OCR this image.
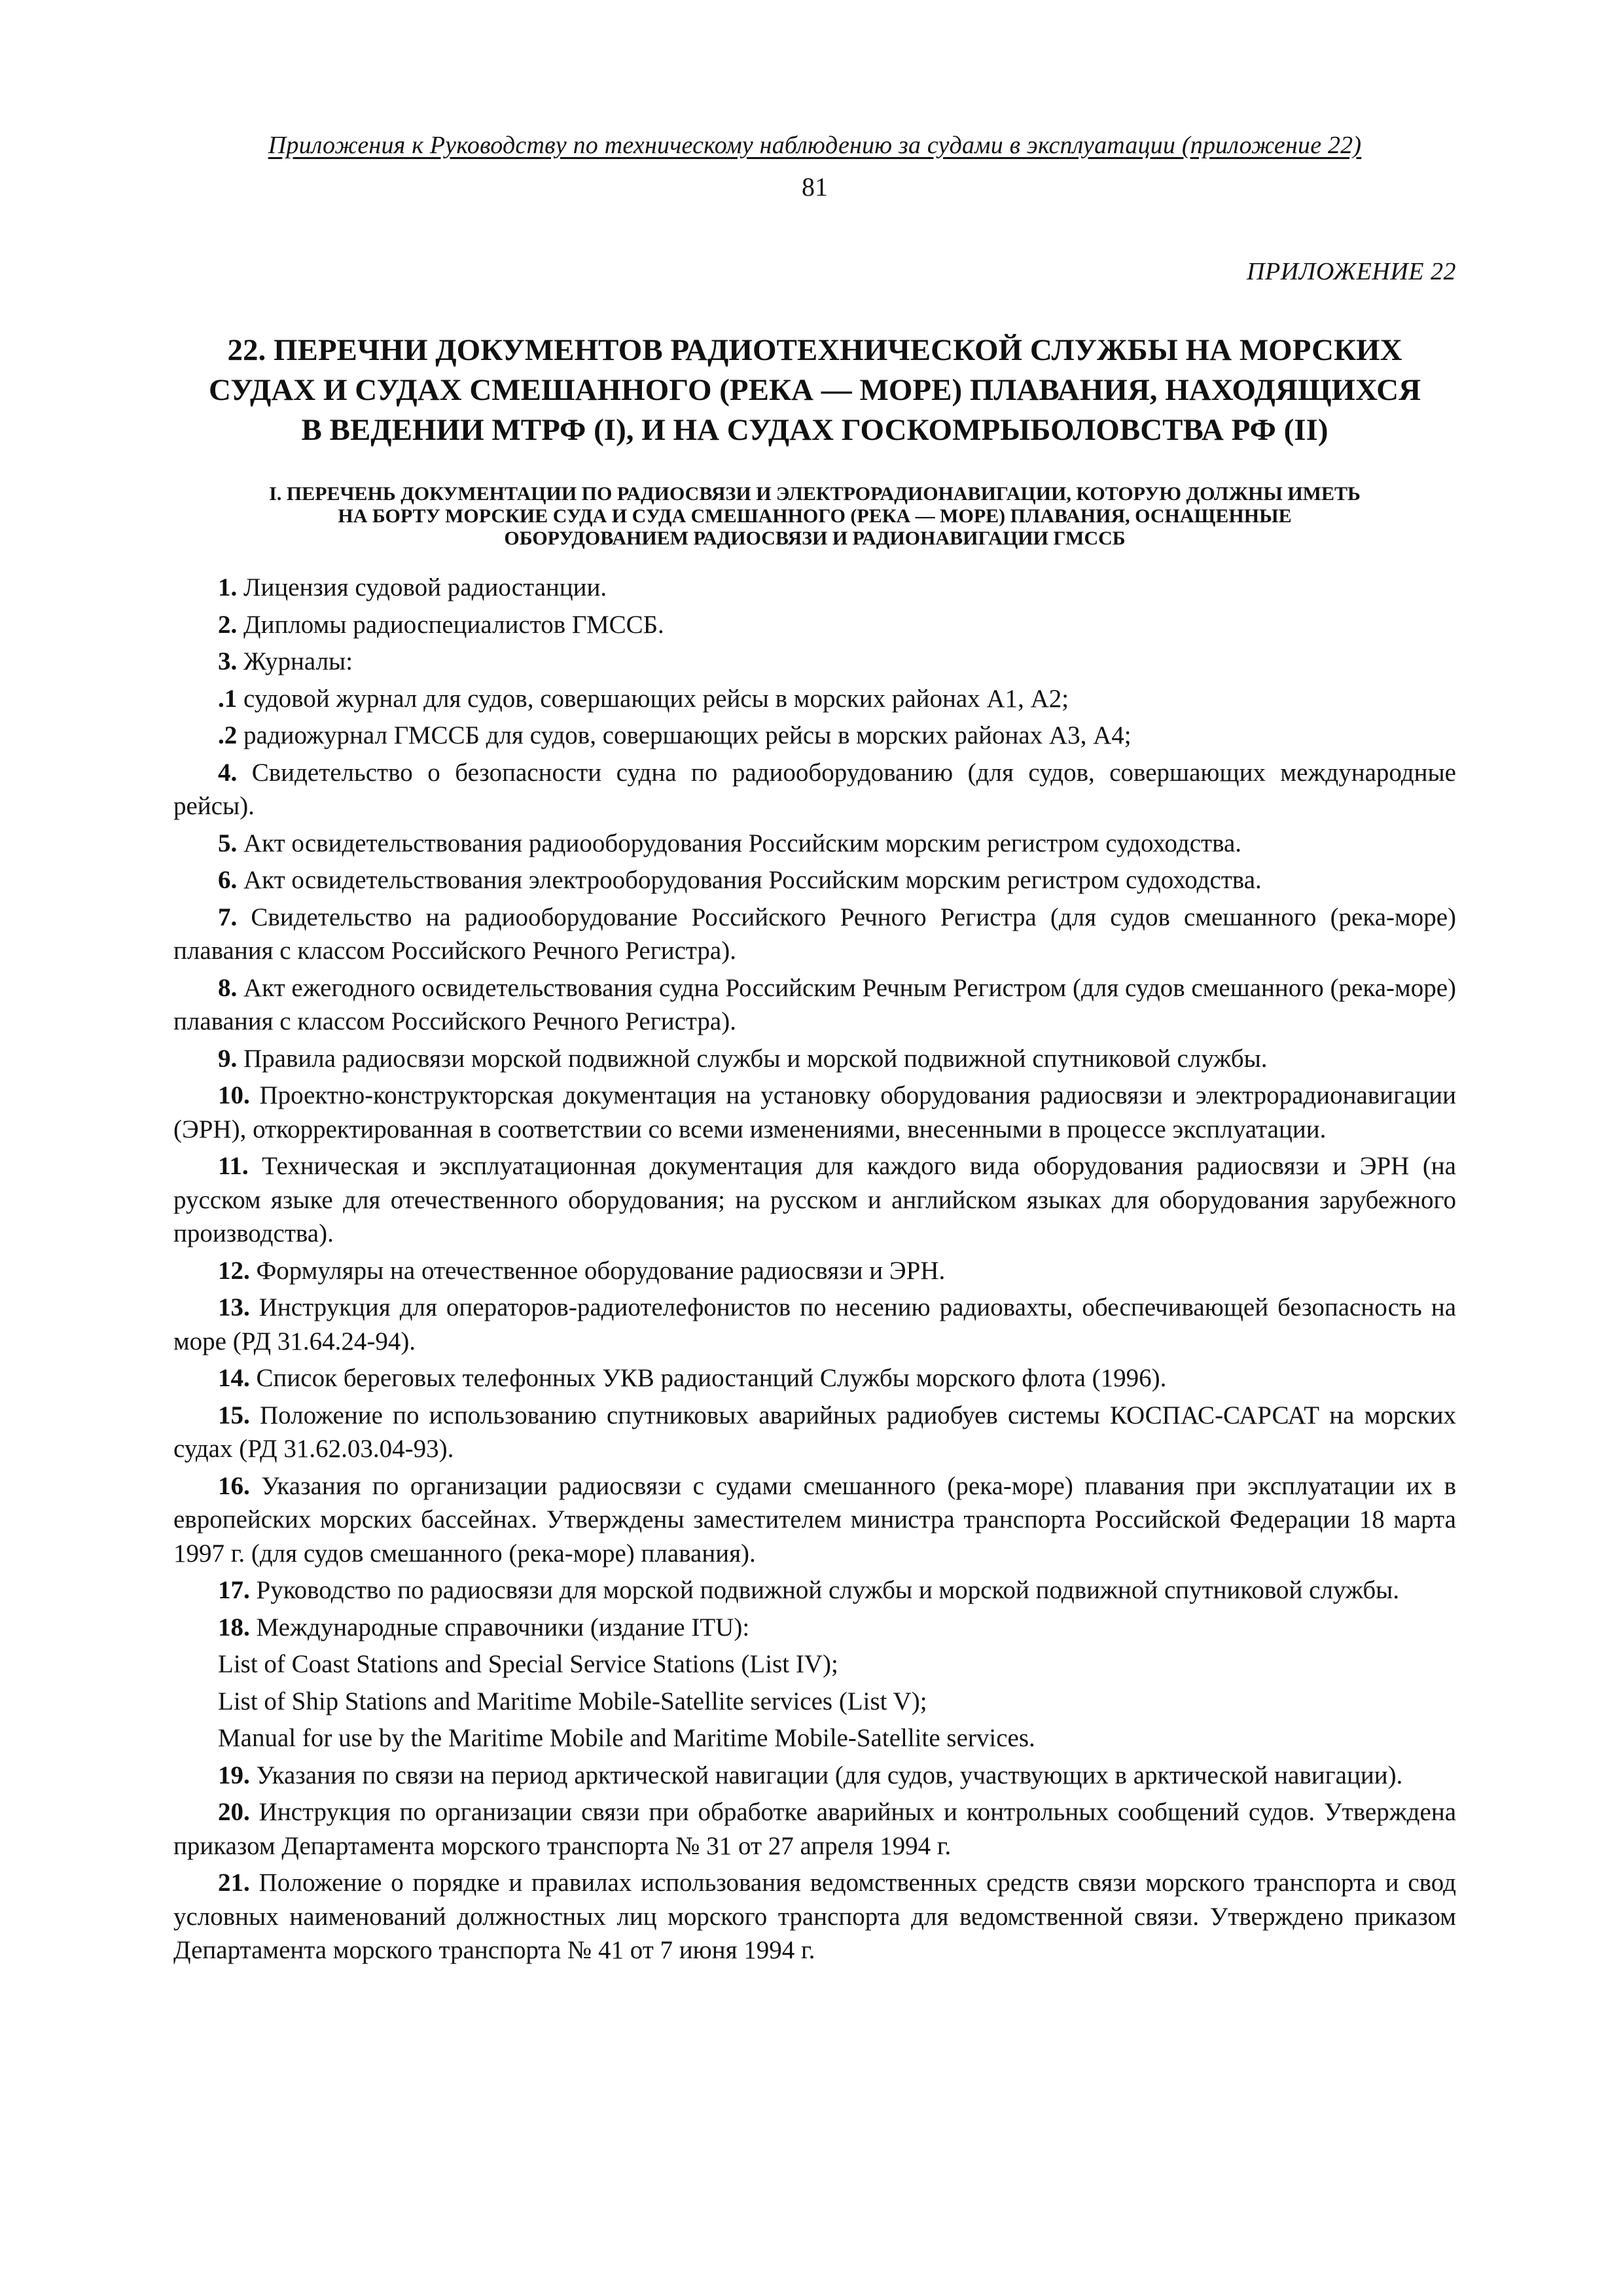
Приложения к Руководству по техническому наблюдению за судами в эксплуатации (приложение 22)

81

ПРИЛОЖЕНИЕ 22

22. ПЕРЕЧНИ ДОКУМЕНТОВ РАДИОТЕХНИЧЕСКОЙ СЛУЖБЫ НА МОРСКИХ
СУДАХ И СУДАХ СМЕШАННОГО (РЕКА — МОРЕ) ПЛАВАНИЯ, НАХОДЯЩИХСЯ
В ВЕДЕНИИ МТРФ (I), И НА СУДАХ ГОСКОМРЫБОЛОВСТВА РФ (II)
I. ПЕРЕЧЕНЬ ДОКУМЕНТАЦИИ ПО РАДИОСВЯЗИ И ЭЛЕКТРОРАДИОНАВИГАЦИИ, КОТОРУЮ ДОЛЖНЫ ИМЕТЬ
НА БОРТУ МОРСКИЕ СУДА И СУДА СМЕШАННОГО (РЕКА — МОРЕ) ПЛАВАНИЯ, ОСНАЩЕННЫЕ
ОБОРУДОВАНИЕМ РАДИОСВЯЗИ И РАДИОНАВИГАЦИИ ГМССБ

1. Лицензия судовой радиостанции.

2. Дипломы радиоспециалистов ГМССБ.

3. Журналы:

.1 судовой журнал для судов, совершающих рейсы в морских районах А1, А2;

.2 радиожурнал ГМССБ для судов, совершающих рейсы в морских районах А3, А4;

4. Свидетельство о безопасности судна по радиооборудованию (для судов, совершающих международные рейсы).

5. Акт освидетельствования радиооборудования Российским морским регистром судоходства.

6. Акт освидетельствования электрооборудования Российским морским регистром судоходства.

7. Свидетельство на радиооборудование Российского Речного Регистра (для судов смешанного (река-море) плавания с классом Российского Речного Регистра).

8. Акт ежегодного освидетельствования судна Российским Речным Регистром (для судов смешанного (река-море) плавания с классом Российского Речного Регистра).

9. Правила радиосвязи морской подвижной службы и морской подвижной спутниковой службы.

10. Проектно-конструкторская документация на установку оборудования радиосвязи и электрорадионавигации (ЭРН), откорректированная в соответствии со всеми изменениями, внесенными в процессе эксплуатации.

11. Техническая и эксплуатационная документация для каждого вида оборудования радиосвязи и ЭРН (на русском языке для отечественного оборудования; на русском и английском языках для оборудования зарубежного производства).

12. Формуляры на отечественное оборудование радиосвязи и ЭРН.

13. Инструкция для операторов-радиотелефонистов по несению радиовахты, обеспечивающей безопасность на море (РД 31.64.24-94).

14. Список береговых телефонных УКВ радиостанций Службы морского флота (1996).

15. Положение по использованию спутниковых аварийных радиобуев системы КОСПАС-САРСАТ на морских судах (РД 31.62.03.04-93).

16. Указания по организации радиосвязи с судами смешанного (река-море) плавания при эксплуатации их в европейских морских бассейнах. Утверждены заместителем министра транспорта Российской Федерации 18 марта 1997 г. (для судов смешанного (река-море) плавания).

17. Руководство по радиосвязи для морской подвижной службы и морской подвижной спутниковой службы.

18. Международные справочники (издание ITU):

List of Coast Stations and Special Service Stations (List IV);

List of Ship Stations and Maritime Mobile-Satellite services (List V);

Manual for use by the Maritime Mobile and Maritime Mobile-Satellite services.

19. Указания по связи на период арктической навигации (для судов, участвующих в арктической навигации).

20. Инструкция по организации связи при обработке аварийных и контрольных сообщений судов. Утверждена приказом Департамента морского транспорта № 31 от 27 апреля 1994 г.

21. Положение о порядке и правилах использования ведомственных средств связи морского транспорта и свод условных наименований должностных лиц морского транспорта для ведомственной связи. Утверждено приказом Департамента морского транспорта № 41 от 7 июня 1994 г.
